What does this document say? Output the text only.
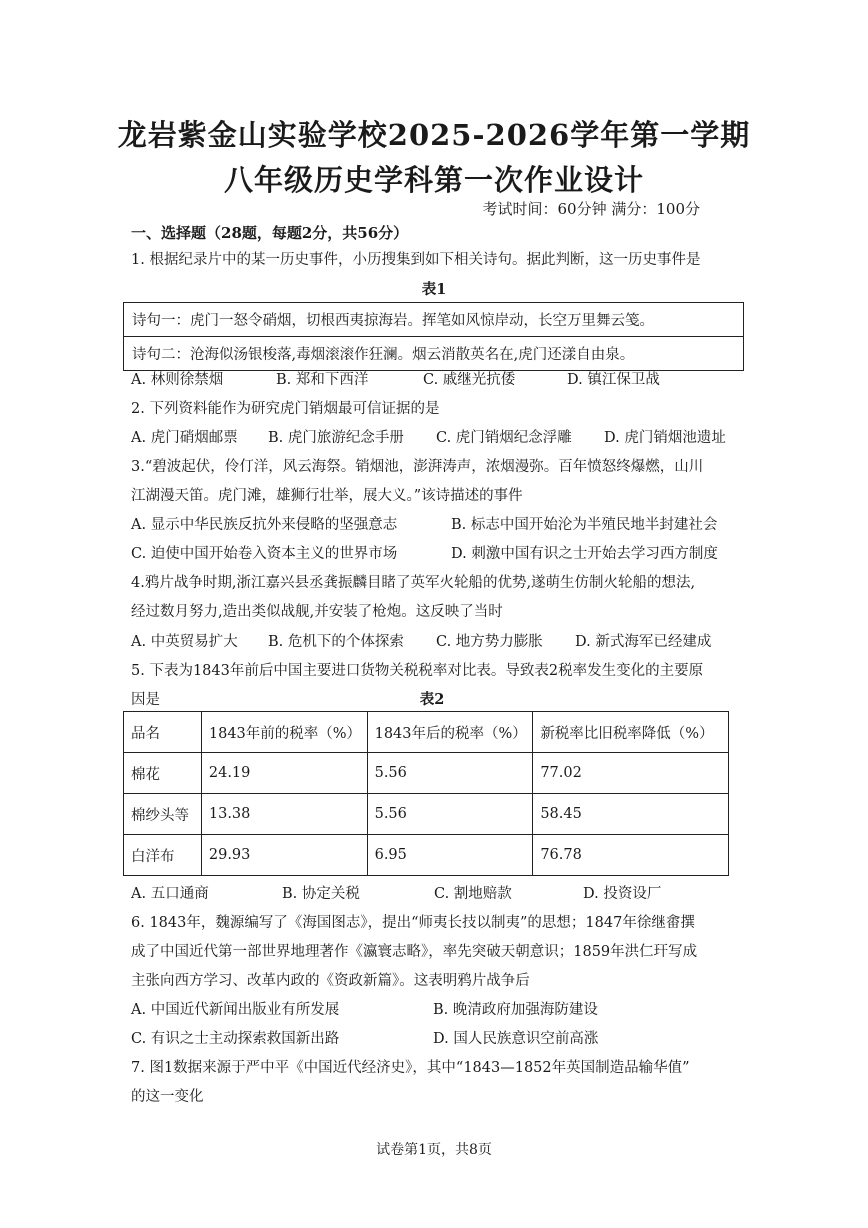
龙岩紫金山实验学校2025-2026学年第一学期
八年级历史学科第一次作业设计
考试时间：60分钟 满分：100分
一、选择题（28题，每题2分，共56分）
1. 根据纪录片中的某一历史事件，小历搜集到如下相关诗句。据此判断，这一历史事件是
表1
诗句一：虎门一怒令硝烟，切根西夷掠海岩。挥笔如风惊岸动，长空万里舞云笺。
诗句二：沧海似汤银梭落,毒烟滚滚作狂澜。烟云消散英名在,虎门还漾自由泉。
A. 林则徐禁烟	B. 郑和下西洋	C. 戚继光抗倭	D. 镇江保卫战
2. 下列资料能作为研究虎门销烟最可信证据的是
A. 虎门硝烟邮票 B. 虎门旅游纪念手册 C. 虎门销烟纪念浮雕 D. 虎门销烟池遗址
3.“碧波起伏，伶仃洋，风云海祭。销烟池，澎湃涛声，浓烟漫弥。百年愤怒终爆燃，山川
江湖漫天笛。虎门滩，雄狮行壮举，展大义。”该诗描述的事件
A. 显示中华民族反抗外来侵略的坚强意志	B. 标志中国开始沦为半殖民地半封建社会
C. 迫使中国开始卷入资本主义的世界市场	D. 刺激中国有识之士开始去学习西方制度
4.鸦片战争时期,浙江嘉兴县丞龚振麟目睹了英军火轮船的优势,遂萌生仿制火轮船的想法,
经过数月努力,造出类似战舰,并安装了枪炮。这反映了当时
A. 中英贸易扩大 B. 危机下的个体探索 C. 地方势力膨胀 D. 新式海军已经建成
5. 下表为1843年前后中国主要进口货物关税税率对比表。导致表2税率发生变化的主要原
因是	表2
品名	1843年前的税率（%）	1843年后的税率（%）	新税率比旧税率降低（%）
棉花	24.19	5.56	77.02
棉纱头等	13.38	5.56	58.45
白洋布	29.93	6.95	76.78
A. 五口通商	B. 协定关税	C. 割地赔款	D. 投资设厂
6. 1843年，魏源编写了《海国图志》，提出“师夷长技以制夷”的思想；1847年徐继畬撰
成了中国近代第一部世界地理著作《瀛寰志略》，率先突破天朝意识；1859年洪仁玕写成
主张向西方学习、改革内政的《资政新篇》。这表明鸦片战争后
A. 中国近代新闻出版业有所发展	B. 晚清政府加强海防建设
C. 有识之士主动探索救国新出路	D. 国人民族意识空前高涨
7. 图1数据来源于严中平《中国近代经济史》，其中“1843—1852年英国制造品输华值”
的这一变化
试卷第1页，共8页
